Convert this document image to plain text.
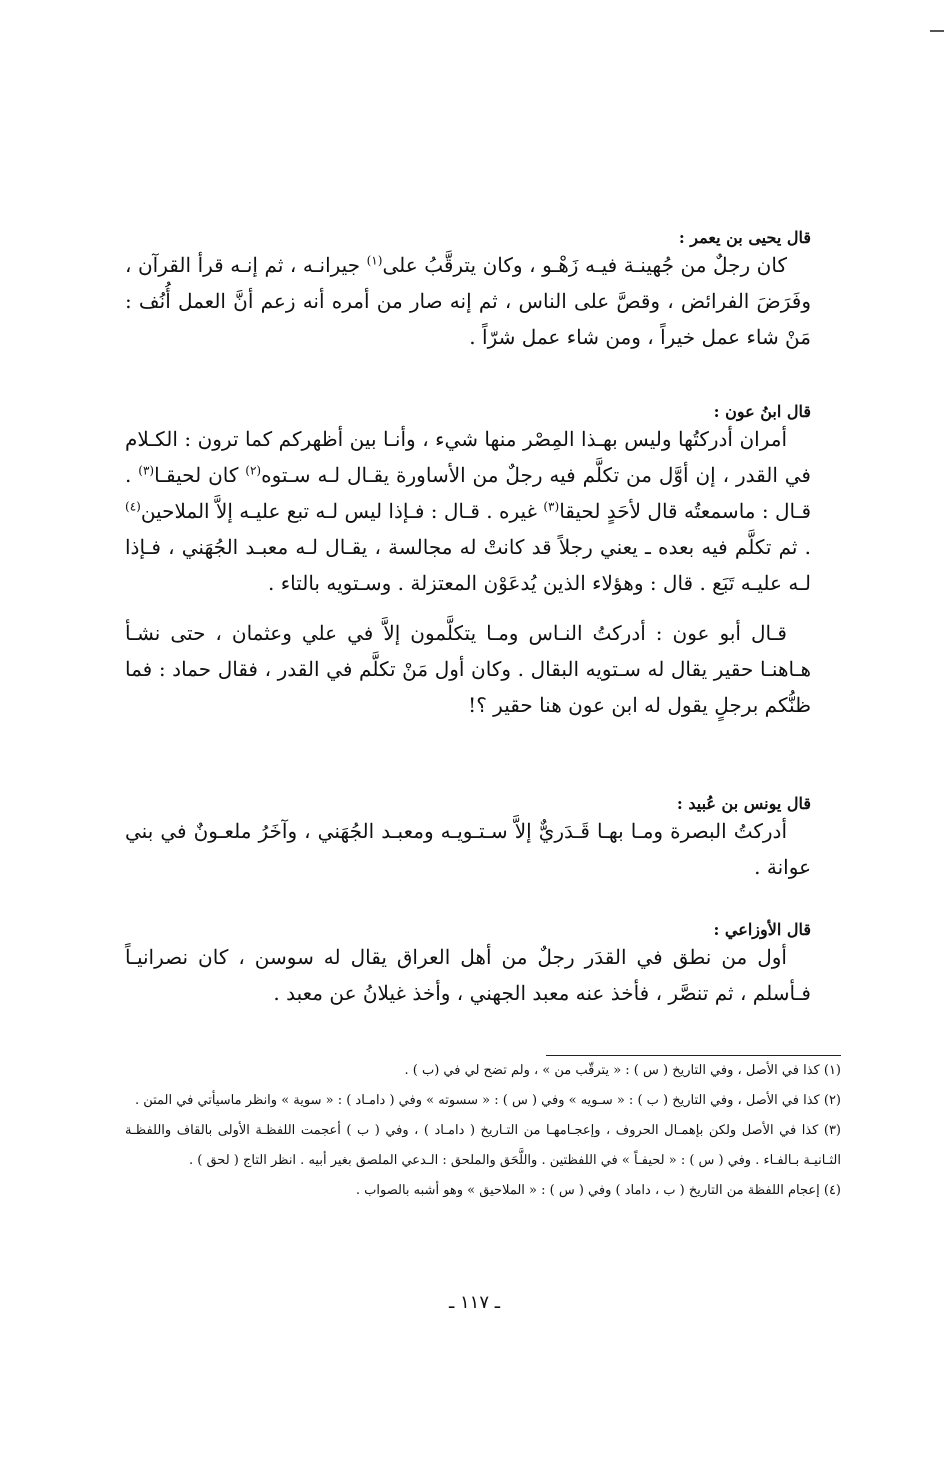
قال يحيى بن يعمر :

كان رجلٌ من جُهينـة فيـه زَهْـو ، وكان يترقَّبُ على$^{(١)}$ جيرانـه ، ثم إنـه قرأ القرآن ، وفَرَضَ الفرائض ، وقصَّ على الناس ، ثم إنه صار من أمره أنه زعم أنَّ العمل أُنُف : مَنْ شاء عمل خيراً ، ومن شاء عمل شرّاً .

قال ابنُ عون :

أمران أدركتُها وليس بهـذا المِصْر منها شيء ، وأنـا بين أظهركم كما ترون : الكـلام في القدر ، إن أوَّل من تكلَّم فيه رجلٌ من الأساورة يقـال لـه سـتوه$^{(٢)}$ كان لحيقـا$^{(٣)}$ . قـال : ماسمعتُه قال لأحَدٍ لحيقا$^{(٣)}$ غيره . قـال : فـإذا ليس لـه تبع عليـه إلاَّ الملاحين$^{(٤)}$ . ثم تكلَّم فيه بعده ـ يعني رجلاً قد كانتْ له مجالسة ، يقـال لـه معبـد الجُهَني ، فـإذا لـه عليـه تَبَع . قال : وهؤلاء الذين يُدعَوْن المعتزلة . وسـتويه بالتاء .

قـال أبو عون : أدركتُ النـاس ومـا يتكلَّمون إلاَّ في علي وعثمان ، حتى نشـأ هـاهنـا حقير يقال له سـتويه البقال . وكان أول مَنْ تكلَّم في القدر ، فقال حماد : فما ظنُّكم برجلٍ يقول له ابن عون هنا حقير ؟!

قال يونس بن عُبيد :

أدركتُ البصرة ومـا بهـا قَـدَريٌّ إلاَّ سـتـويـه ومعبـد الجُهَني ، وآخَرُ ملعـونٌ في بني عوانة .

قال الأوزاعي :

أول من نطق في القدَر رجلٌ من أهل العراق يقال له سوسن ، كان نصرانيـاً فـأسلم ، ثم تنصَّر ، فأخذ عنه معبد الجهني ، وأخذ غيلانُ عن معبد .

(١) كذا في الأصل ، وفي التاريخ ( س ) : « يترقّب من » ، ولم تضح لي في (ب ) .

(٢) كذا في الأصل ، وفي التاريخ ( ب ) : « سـويه » وفي ( س ) : « سسوته » وفي ( دامـاد ) : « سوية » وانظر ماسيأتي في المتن .

(٣) كذا في الأصل ولكن بإهمـال الحروف ، وإعجـامهـا من التـاريخ ( دامـاد ) ، وفي ( ب ) أعجمت اللفظـة الأولى بالقاف واللفظـة الثـانيـة بـالفـاء . وفي ( س ) : « لحيفـاً » في اللفظتين . واللَّحَق والملحق : الـدعي الملصق بغير أبيه . انظر التاج ( لحق ) .

(٤) إعجام اللفظة من التاريخ ( ب ، داماد ) وفي ( س ) : « الملاحيق » وهو أشبه بالصواب .

ـ ١١٧ ـ
